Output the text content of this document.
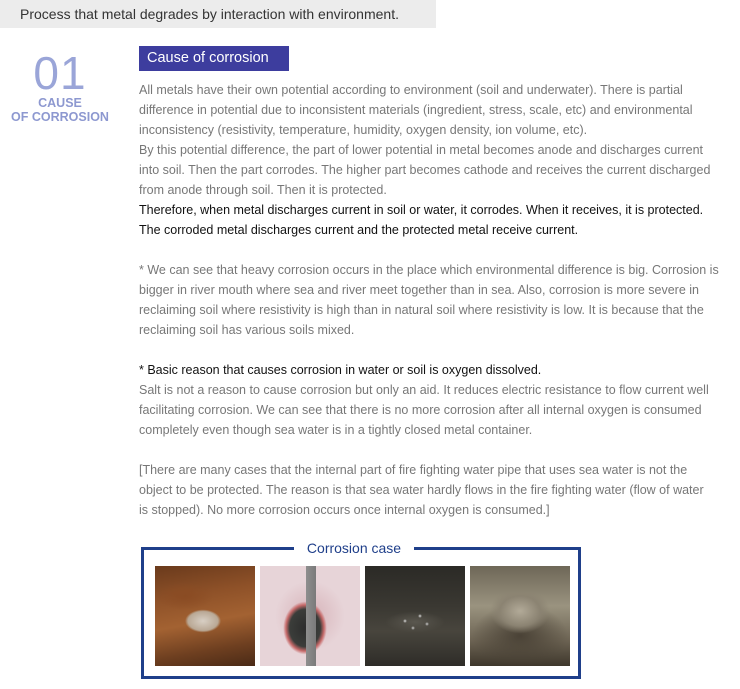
Process that metal degrades by interaction with environment.
01
CAUSE
OF CORROSION
Cause of corrosion

All metals have their own potential according to environment (soil and underwater). There is partial

difference in potential due to inconsistent materials (ingredient, stress, scale, etc) and environmental

inconsistency (resistivity, temperature, humidity, oxygen density, ion volume, etc).

By this potential difference, the part of lower potential in metal becomes anode and discharges current

into soil. Then the part corrodes. The higher part becomes cathode and receives the current discharged

from anode through soil. Then it is protected.

Therefore, when metal discharges current in soil or water, it corrodes. When it receives, it is protected.

The corroded metal discharges current and the protected metal receive current.

* We can see that heavy corrosion occurs in the place which environmental difference is big. Corrosion is

bigger in river mouth where sea and river meet together than in sea. Also, corrosion is more severe in

reclaiming soil where resistivity is high than in natural soil where resistivity is low. It is because that the

reclaiming soil has various soils mixed.

* Basic reason that causes corrosion in water or soil is oxygen dissolved.

Salt is not a reason to cause corrosion but only an aid. It reduces electric resistance to flow current well

facilitating corrosion. We can see that there is no more corrosion after all internal oxygen is consumed

completely even though sea water is in a tightly closed metal container.

[There are many cases that the internal part of fire fighting water pipe that uses sea water is not the

object to be protected. The reason is that sea water hardly flows in the fire fighting water (flow of water

is stopped). No more corrosion occurs once internal oxygen is consumed.]

Corrosion case
